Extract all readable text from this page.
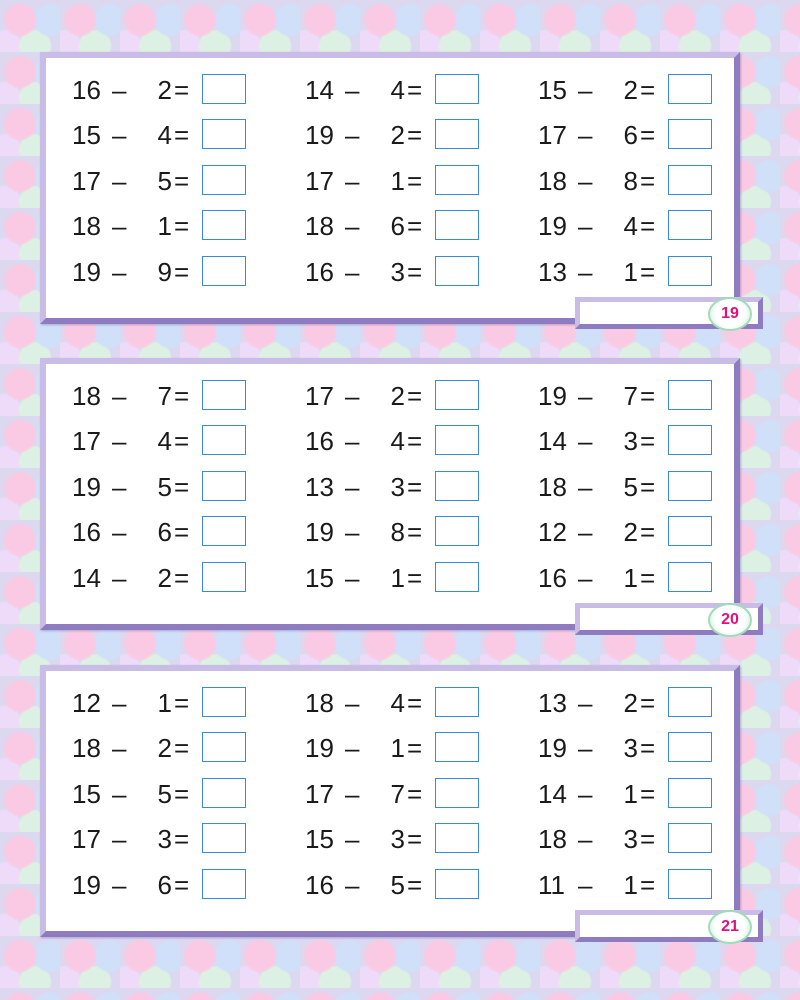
19
16 – 2 =	14 – 4 =	15 – 2 =
15 – 4 =	19 – 2 =	17 – 6 =
17 – 5 =	17 – 1 =	18 – 8 =
18 – 1 =	18 – 6 =	19 – 4 =
19 – 9 =	16 – 3 =	13 – 1 =
20
18 – 7 =	17 – 2 =	19 – 7 =
17 – 4 =	16 – 4 =	14 – 3 =
19 – 5 =	13 – 3 =	18 – 5 =
16 – 6 =	19 – 8 =	12 – 2 =
14 – 2 =	15 – 1 =	16 – 1 =
21
12 – 1 =	18 – 4 =	13 – 2 =
18 – 2 =	19 – 1 =	19 – 3 =
15 – 5 =	17 – 7 =	14 – 1 =
17 – 3 =	15 – 3 =	18 – 3 =
19 – 6 =	16 – 5 =	11 – 1 =
